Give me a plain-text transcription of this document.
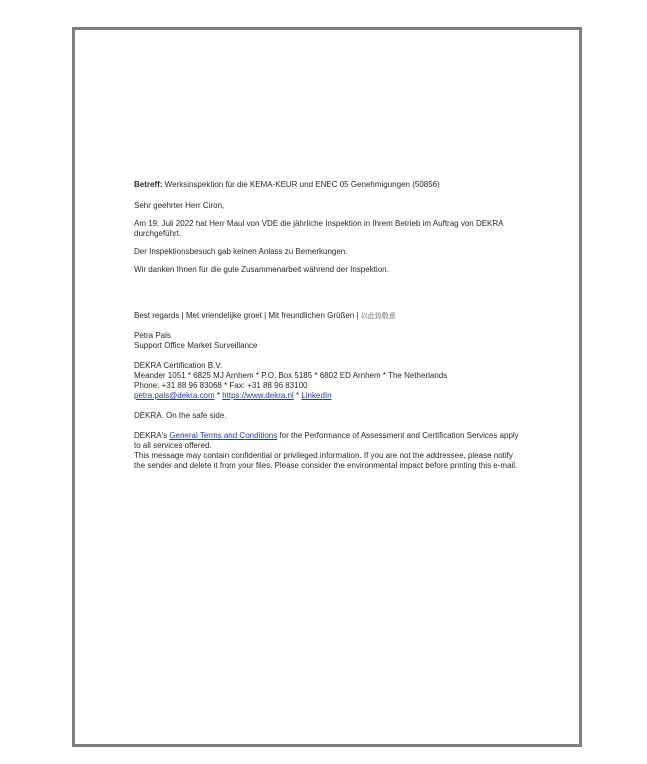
Betreff: Werksinspektion für die KEMA-KEUR und ENEC 05 Genehmigungen (50856)

Sehr geehrter Herr Ciron,

Am 19. Juli 2022 hat Herr Maul von VDE die jährliche Inspektion in Ihrem Betrieb im Auftrag von DEKRA durchgeführt.

Der Inspektionsbesuch gab keinen Anlass zu Bemerkungen.

Wir danken Ihnen für die gute Zusammenarbeit während der Inspektion.

Best regards | Met vriendelijke groet | Mit freundlichen Grüßen | 以此致敬意

Petra Pals

Support Office Market Surveillance

DEKRA Certification B.V.

Meander 1051 * 6825 MJ Arnhem * P.O. Box 5185 * 6802 ED Arnhem * The Netherlands

Phone: +31 88 96 83068 * Fax: +31 88 96 83100

petra.pals@dekra.com * https://www.dekra.nl * LinkedIn

DEKRA. On the safe side.

DEKRA's General Terms and Conditions for the Performance of Assessment and Certification Services apply to all services offered.

This message may contain confidential or privileged information. If you are not the addressee, please notify the sender and delete it from your files. Please consider the environmental impact before printing this e-mail.
